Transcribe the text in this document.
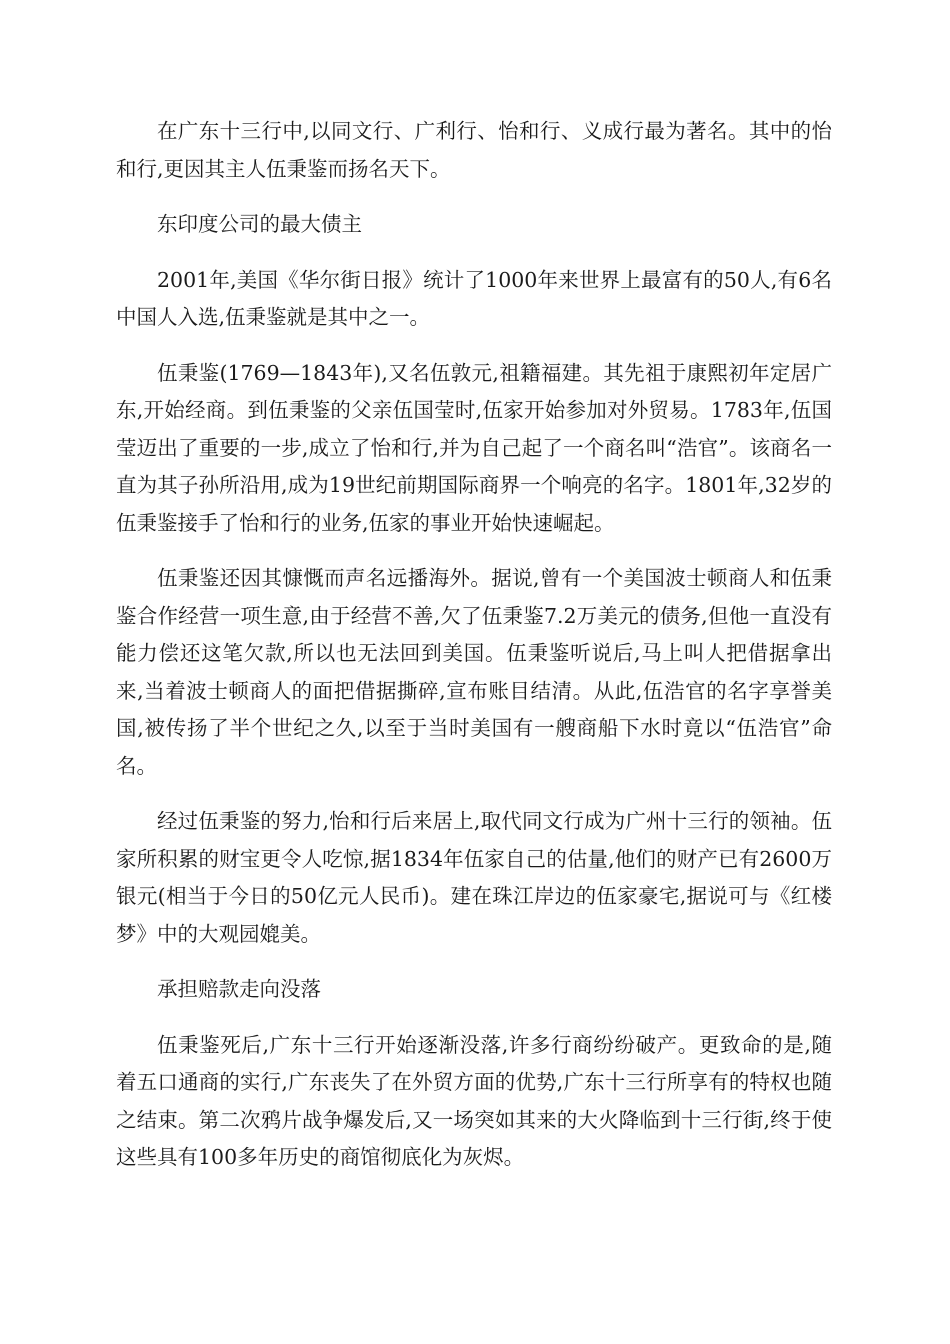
在广东十三行中,以同文行、广利行、怡和行、义成行最为著名。其中的怡和行,更因其主人伍秉鉴而扬名天下。

东印度公司的最大债主

2001年,美国《华尔街日报》统计了1000年来世界上最富有的50人,有6名中国人入选,伍秉鉴就是其中之一。

伍秉鉴(1769—1843年),又名伍敦元,祖籍福建。其先祖于康熙初年定居广东,开始经商。到伍秉鉴的父亲伍国莹时,伍家开始参加对外贸易。1783年,伍国莹迈出了重要的一步,成立了怡和行,并为自己起了一个商名叫“浩官”。该商名一直为其子孙所沿用,成为19世纪前期国际商界一个响亮的名字。1801年,32岁的伍秉鉴接手了怡和行的业务,伍家的事业开始快速崛起。

伍秉鉴还因其慷慨而声名远播海外。据说,曾有一个美国波士顿商人和伍秉鉴合作经营一项生意,由于经营不善,欠了伍秉鉴7.2万美元的债务,但他一直没有能力偿还这笔欠款,所以也无法回到美国。伍秉鉴听说后,马上叫人把借据拿出来,当着波士顿商人的面把借据撕碎,宣布账目结清。从此,伍浩官的名字享誉美国,被传扬了半个世纪之久,以至于当时美国有一艘商船下水时竟以“伍浩官”命名。

经过伍秉鉴的努力,怡和行后来居上,取代同文行成为广州十三行的领袖。伍家所积累的财宝更令人吃惊,据1834年伍家自己的估量,他们的财产已有2600万银元(相当于今日的50亿元人民币)。建在珠江岸边的伍家豪宅,据说可与《红楼梦》中的大观园媲美。

承担赔款走向没落

伍秉鉴死后,广东十三行开始逐渐没落,许多行商纷纷破产。更致命的是,随着五口通商的实行,广东丧失了在外贸方面的优势,广东十三行所享有的特权也随之结束。第二次鸦片战争爆发后,又一场突如其来的大火降临到十三行街,终于使这些具有100多年历史的商馆彻底化为灰烬。
